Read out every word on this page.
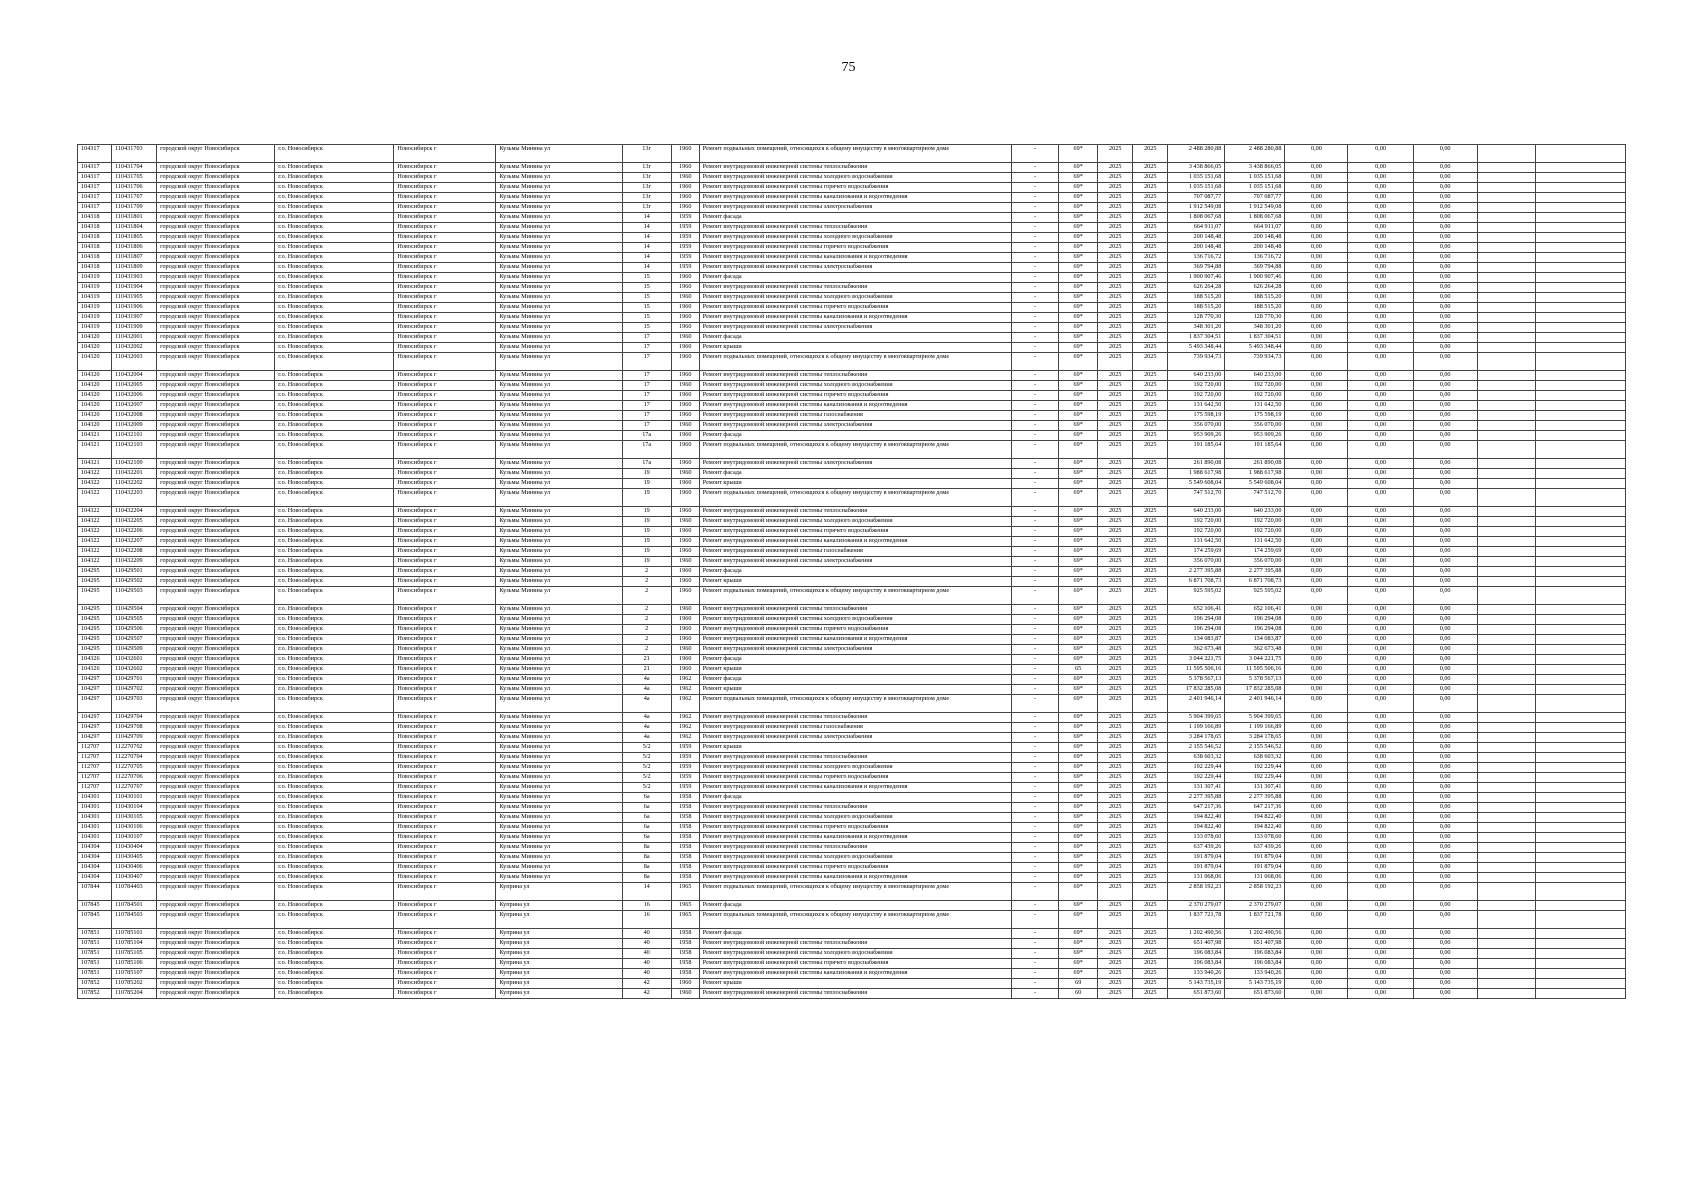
75
104317	110431703	городской округ Новосибирск	г.о. Новосибирск	Новосибирск г	Кузьмы Минина ул	13г	1960	Ремонт подвальных помещений, относящихся к общему имуществу в многоквартирном доме	-	69*	2025	2025	2 488 280,88	2 488 280,88	0,00	0,00	0,00		
104317	110431704	городской округ Новосибирск	г.о. Новосибирск	Новосибирск г	Кузьмы Минина ул	13г	1960	Ремонт внутридомовой инженерной системы теплоснабжения	-	69*	2025	2025	3 438 866,05	3 438 866,05	0,00	0,00	0,00		
104317	110431705	городской округ Новосибирск	г.о. Новосибирск	Новосибирск г	Кузьмы Минина ул	13г	1960	Ремонт внутридомовой инженерной системы холодного водоснабжения	-	69*	2025	2025	1 035 151,68	1 035 151,68	0,00	0,00	0,00		
104317	110431706	городской округ Новосибирск	г.о. Новосибирск	Новосибирск г	Кузьмы Минина ул	13г	1960	Ремонт внутридомовой инженерной системы горячего водоснабжения	-	69*	2025	2025	1 035 151,68	1 035 151,68	0,00	0,00	0,00		
104317	110431707	городской округ Новосибирск	г.о. Новосибирск	Новосибирск г	Кузьмы Минина ул	13г	1960	Ремонт внутридомовой инженерной системы канализования и водоотведения	-	69*	2025	2025	707 087,77	707 087,77	0,00	0,00	0,00		
104317	110431709	городской округ Новосибирск	г.о. Новосибирск	Новосибирск г	Кузьмы Минина ул	13г	1960	Ремонт внутридомовой инженерной системы электроснабжения	-	69*	2025	2025	1 912 549,08	1 912 549,08	0,00	0,00	0,00		
104318	110431801	городской округ Новосибирск	г.о. Новосибирск	Новосибирск г	Кузьмы Минина ул	14	1959	Ремонт фасада	-	69*	2025	2025	1 808 067,68	1 808 067,68	0,00	0,00	0,00		
104318	110431804	городской округ Новосибирск	г.о. Новосибирск	Новосибирск г	Кузьмы Минина ул	14	1959	Ремонт внутридомовой инженерной системы теплоснабжения	-	69*	2025	2025	664 911,07	664 911,07	0,00	0,00	0,00		
104318	110431805	городской округ Новосибирск	г.о. Новосибирск	Новосибирск г	Кузьмы Минина ул	14	1959	Ремонт внутридомовой инженерной системы холодного водоснабжения	-	69*	2025	2025	200 148,48	200 148,48	0,00	0,00	0,00		
104318	110431806	городской округ Новосибирск	г.о. Новосибирск	Новосибирск г	Кузьмы Минина ул	14	1959	Ремонт внутридомовой инженерной системы горячего водоснабжения	-	69*	2025	2025	200 148,48	200 148,48	0,00	0,00	0,00		
104318	110431807	городской округ Новосибирск	г.о. Новосибирск	Новосибирск г	Кузьмы Минина ул	14	1959	Ремонт внутридомовой инженерной системы канализования и водоотведения	-	69*	2025	2025	136 716,72	136 716,72	0,00	0,00	0,00		
104318	110431809	городской округ Новосибирск	г.о. Новосибирск	Новосибирск г	Кузьмы Минина ул	14	1959	Ремонт внутридомовой инженерной системы электроснабжения	-	69*	2025	2025	369 794,88	369 794,88	0,00	0,00	0,00		
104319	110431903	городской округ Новосибирск	г.о. Новосибирск	Новосибирск г	Кузьмы Минина ул	15	1960	Ремонт фасада	-	69*	2025	2025	1 900 907,46	1 900 907,46	0,00	0,00	0,00		
104319	110431904	городской округ Новосибирск	г.о. Новосибирск	Новосибирск г	Кузьмы Минина ул	15	1960	Ремонт внутридомовой инженерной системы теплоснабжения	-	69*	2025	2025	626 264,28	626 264,28	0,00	0,00	0,00		
104319	110431905	городской округ Новосибирск	г.о. Новосибирск	Новосибирск г	Кузьмы Минина ул	15	1960	Ремонт внутридомовой инженерной системы холодного водоснабжения	-	69*	2025	2025	188 515,20	188 515,20	0,00	0,00	0,00		
104319	110431906	городской округ Новосибирск	г.о. Новосибирск	Новосибирск г	Кузьмы Минина ул	15	1960	Ремонт внутридомовой инженерной системы горячего водоснабжения	-	69*	2025	2025	188 515,20	188 515,20	0,00	0,00	0,00		
104319	110431907	городской округ Новосибирск	г.о. Новосибирск	Новосибирск г	Кузьмы Минина ул	15	1960	Ремонт внутридомовой инженерной системы канализования и водоотведения	-	69*	2025	2025	128 770,30	128 770,30	0,00	0,00	0,00		
104319	110431909	городской округ Новосибирск	г.о. Новосибирск	Новосибирск г	Кузьмы Минина ул	15	1960	Ремонт внутридомовой инженерной системы электроснабжения	-	69*	2025	2025	348 301,20	348 301,20	0,00	0,00	0,00		
104320	110432001	городской округ Новосибирск	г.о. Новосибирск	Новосибирск г	Кузьмы Минина ул	17	1960	Ремонт фасада	-	69*	2025	2025	1 837 304,51	1 837 304,51	0,00	0,00	0,00		
104320	110432002	городской округ Новосибирск	г.о. Новосибирск	Новосибирск г	Кузьмы Минина ул	17	1960	Ремонт крыши	-	69*	2025	2025	5 493 348,44	5 493 348,44	0,00	0,00	0,00		
104320	110432003	городской округ Новосибирск	г.о. Новосибирск	Новосибирск г	Кузьмы Минина ул	17	1960	Ремонт подвальных помещений, относящихся к общему имуществу в многоквартирном доме	-	69*	2025	2025	739 934,73	739 934,73	0,00	0,00	0,00		
104320	110432004	городской округ Новосибирск	г.о. Новосибирск	Новосибирск г	Кузьмы Минина ул	17	1960	Ремонт внутридомовой инженерной системы теплоснабжения	-	69*	2025	2025	640 233,00	640 233,00	0,00	0,00	0,00		
104320	110432005	городской округ Новосибирск	г.о. Новосибирск	Новосибирск г	Кузьмы Минина ул	17	1960	Ремонт внутридомовой инженерной системы холодного водоснабжения	-	69*	2025	2025	192 720,00	192 720,00	0,00	0,00	0,00		
104320	110432006	городской округ Новосибирск	г.о. Новосибирск	Новосибирск г	Кузьмы Минина ул	17	1960	Ремонт внутридомовой инженерной системы горячего водоснабжения	-	69*	2025	2025	192 720,00	192 720,00	0,00	0,00	0,00		
104320	110432007	городской округ Новосибирск	г.о. Новосибирск	Новосибирск г	Кузьмы Минина ул	17	1960	Ремонт внутридомовой инженерной системы канализования и водоотведения	-	69*	2025	2025	131 642,50	131 642,50	0,00	0,00	0,00		
104320	110432008	городской округ Новосибирск	г.о. Новосибирск	Новосибирск г	Кузьмы Минина ул	17	1960	Ремонт внутридомовой инженерной системы газоснабжения	-	69*	2025	2025	175 598,19	175 598,19	0,00	0,00	0,00		
104320	110432009	городской округ Новосибирск	г.о. Новосибирск	Новосибирск г	Кузьмы Минина ул	17	1960	Ремонт внутридомовой инженерной системы электроснабжения	-	69*	2025	2025	356 070,00	356 070,00	0,00	0,00	0,00		
104321	110432101	городской округ Новосибирск	г.о. Новосибирск	Новосибирск г	Кузьмы Минина ул	17а	1960	Ремонт фасада	-	69*	2025	2025	953 909,26	953 909,26	0,00	0,00	0,00		
104321	110432103	городской округ Новосибирск	г.о. Новосибирск	Новосибирск г	Кузьмы Минина ул	17а	1960	Ремонт подвальных помещений, относящихся к общему имуществу в многоквартирном доме	-	69*	2025	2025	191 185,64	191 185,64	0,00	0,00	0,00		
104321	110432109	городской округ Новосибирск	г.о. Новосибирск	Новосибирск г	Кузьмы Минина ул	17а	1960	Ремонт внутридомовой инженерной системы электроснабжения	-	69*	2025	2025	261 890,08	261 890,08	0,00	0,00	0,00		
104322	110432201	городской округ Новосибирск	г.о. Новосибирск	Новосибирск г	Кузьмы Минина ул	19	1960	Ремонт фасада	-	69*	2025	2025	1 988 617,98	1 988 617,98	0,00	0,00	0,00		
104322	110432202	городской округ Новосибирск	г.о. Новосибирск	Новосибирск г	Кузьмы Минина ул	19	1960	Ремонт крыши	-	69*	2025	2025	5 549 608,04	5 549 608,04	0,00	0,00	0,00		
104322	110432203	городской округ Новосибирск	г.о. Новосибирск	Новосибирск г	Кузьмы Минина ул	19	1960	Ремонт подвальных помещений, относящихся к общему имуществу в многоквартирном доме	-	69*	2025	2025	747 512,70	747 512,70	0,00	0,00	0,00		
104322	110432204	городской округ Новосибирск	г.о. Новосибирск	Новосибирск г	Кузьмы Минина ул	19	1960	Ремонт внутридомовой инженерной системы теплоснабжения	-	69*	2025	2025	640 233,00	640 233,00	0,00	0,00	0,00		
104322	110432205	городской округ Новосибирск	г.о. Новосибирск	Новосибирск г	Кузьмы Минина ул	19	1960	Ремонт внутридомовой инженерной системы холодного водоснабжения	-	69*	2025	2025	192 720,00	192 720,00	0,00	0,00	0,00		
104322	110432206	городской округ Новосибирск	г.о. Новосибирск	Новосибирск г	Кузьмы Минина ул	19	1960	Ремонт внутридомовой инженерной системы горячего водоснабжения	-	69*	2025	2025	192 720,00	192 720,00	0,00	0,00	0,00		
104322	110432207	городской округ Новосибирск	г.о. Новосибирск	Новосибирск г	Кузьмы Минина ул	19	1960	Ремонт внутридомовой инженерной системы канализования и водоотведения	-	69*	2025	2025	131 642,50	131 642,50	0,00	0,00	0,00		
104322	110432208	городской округ Новосибирск	г.о. Новосибирск	Новосибирск г	Кузьмы Минина ул	19	1960	Ремонт внутридомовой инженерной системы газоснабжения	-	69*	2025	2025	174 259,69	174 259,69	0,00	0,00	0,00		
104322	110432209	городской округ Новосибирск	г.о. Новосибирск	Новосибирск г	Кузьмы Минина ул	19	1960	Ремонт внутридомовой инженерной системы электроснабжения	-	69*	2025	2025	356 070,00	356 070,00	0,00	0,00	0,00		
104295	110429501	городской округ Новосибирск	г.о. Новосибирск	Новосибирск г	Кузьмы Минина ул	2	1960	Ремонт фасада	-	69*	2025	2025	2 277 395,88	2 277 395,88	0,00	0,00	0,00		
104295	110429502	городской округ Новосибирск	г.о. Новосибирск	Новосибирск г	Кузьмы Минина ул	2	1960	Ремонт крыши	-	69*	2025	2025	6 871 708,73	6 871 708,73	0,00	0,00	0,00		
104295	110429503	городской округ Новосибирск	г.о. Новосибирск	Новосибирск г	Кузьмы Минина ул	2	1960	Ремонт подвальных помещений, относящихся к общему имуществу в многоквартирном доме	-	69*	2025	2025	925 595,02	925 595,02	0,00	0,00	0,00		
104295	110429504	городской округ Новосибирск	г.о. Новосибирск	Новосибирск г	Кузьмы Минина ул	2	1960	Ремонт внутридомовой инженерной системы теплоснабжения	-	69*	2025	2025	652 106,41	652 106,41	0,00	0,00	0,00		
104295	110429505	городской округ Новосибирск	г.о. Новосибирск	Новосибирск г	Кузьмы Минина ул	2	1960	Ремонт внутридомовой инженерной системы холодного водоснабжения	-	69*	2025	2025	196 294,08	196 294,08	0,00	0,00	0,00		
104295	110429506	городской округ Новосибирск	г.о. Новосибирск	Новосибирск г	Кузьмы Минина ул	2	1960	Ремонт внутридомовой инженерной системы горячего водоснабжения	-	69*	2025	2025	196 294,08	196 294,08	0,00	0,00	0,00		
104295	110429507	городской округ Новосибирск	г.о. Новосибирск	Новосибирск г	Кузьмы Минина ул	2	1960	Ремонт внутридомовой инженерной системы канализования и водоотведения	-	69*	2025	2025	134 083,87	134 083,87	0,00	0,00	0,00		
104295	110429509	городской округ Новосибирск	г.о. Новосибирск	Новосибирск г	Кузьмы Минина ул	2	1960	Ремонт внутридомовой инженерной системы электроснабжения	-	69*	2025	2025	362 673,48	362 673,48	0,00	0,00	0,00		
104326	110432601	городской округ Новосибирск	г.о. Новосибирск	Новосибирск г	Кузьмы Минина ул	21	1960	Ремонт фасада	-	69*	2025	2025	3 044 221,75	3 044 221,75	0,00	0,00	0,00		
104326	110432602	городской округ Новосибирск	г.о. Новосибирск	Новосибирск г	Кузьмы Минина ул	21	1960	Ремонт крыши	-	65	2025	2025	11 595 506,16	11 595 506,16	0,00	0,00	0,00		
104297	110429701	городской округ Новосибирск	г.о. Новосибирск	Новосибирск г	Кузьмы Минина ул	4а	1962	Ремонт фасада	-	69*	2025	2025	5 378 567,13	5 378 567,13	0,00	0,00	0,00		
104297	110429702	городской округ Новосибирск	г.о. Новосибирск	Новосибирск г	Кузьмы Минина ул	4а	1962	Ремонт крыши	-	69*	2025	2025	17 832 285,08	17 832 285,08	0,00	0,00	0,00		
104297	110429703	городской округ Новосибирск	г.о. Новосибирск	Новосибирск г	Кузьмы Минина ул	4а	1962	Ремонт подвальных помещений, относящихся к общему имуществу в многоквартирном доме	-	69*	2025	2025	2 401 946,14	2 401 946,14	0,00	0,00	0,00		
104297	110429704	городской округ Новосибирск	г.о. Новосибирск	Новосибирск г	Кузьмы Минина ул	4а	1962	Ремонт внутридомовой инженерной системы теплоснабжения	-	69*	2025	2025	5 904 399,65	5 904 399,65	0,00	0,00	0,00		
104297	110429708	городской округ Новосибирск	г.о. Новосибирск	Новосибирск г	Кузьмы Минина ул	4а	1962	Ремонт внутридомовой инженерной системы газоснабжения	-	69*	2025	2025	1 199 166,89	1 199 166,89	0,00	0,00	0,00		
104297	110429709	городской округ Новосибирск	г.о. Новосибирск	Новосибирск г	Кузьмы Минина ул	4а	1962	Ремонт внутридомовой инженерной системы электроснабжения	-	69*	2025	2025	3 284 178,65	3 284 178,65	0,00	0,00	0,00		
112707	112270702	городской округ Новосибирск	г.о. Новосибирск	Новосибирск г	Кузьмы Минина ул	5/2	1959	Ремонт крыши	-	69*	2025	2025	2 155 546,52	2 155 546,52	0,00	0,00	0,00		
112707	112270704	городской округ Новосибирск	г.о. Новосибирск	Новосибирск г	Кузьмы Минина ул	5/2	1959	Ремонт внутридомовой инженерной системы теплоснабжения	-	69*	2025	2025	638 603,32	638 603,32	0,00	0,00	0,00		
112707	112270705	городской округ Новосибирск	г.о. Новосибирск	Новосибирск г	Кузьмы Минина ул	5/2	1959	Ремонт внутридомовой инженерной системы холодного водоснабжения	-	69*	2025	2025	192 229,44	192 229,44	0,00	0,00	0,00		
112707	112270706	городской округ Новосибирск	г.о. Новосибирск	Новосибирск г	Кузьмы Минина ул	5/2	1959	Ремонт внутридомовой инженерной системы горячего водоснабжения	-	69*	2025	2025	192 229,44	192 229,44	0,00	0,00	0,00		
112707	112270707	городской округ Новосибирск	г.о. Новосибирск	Новосибирск г	Кузьмы Минина ул	5/2	1959	Ремонт внутридомовой инженерной системы канализования и водоотведения	-	69*	2025	2025	131 307,41	131 307,41	0,00	0,00	0,00		
104301	110430101	городской округ Новосибирск	г.о. Новосибирск	Новосибирск г	Кузьмы Минина ул	6а	1958	Ремонт фасада	-	69*	2025	2025	2 277 395,88	2 277 395,88	0,00	0,00	0,00		
104301	110430104	городской округ Новосибирск	г.о. Новосибирск	Новосибирск г	Кузьмы Минина ул	6а	1958	Ремонт внутридомовой инженерной системы теплоснабжения	-	69*	2025	2025	647 217,36	647 217,36	0,00	0,00	0,00		
104301	110430105	городской округ Новосибирск	г.о. Новосибирск	Новосибирск г	Кузьмы Минина ул	6а	1958	Ремонт внутридомовой инженерной системы холодного водоснабжения	-	69*	2025	2025	194 822,40	194 822,40	0,00	0,00	0,00		
104301	110430106	городской округ Новосибирск	г.о. Новосибирск	Новосибирск г	Кузьмы Минина ул	6а	1958	Ремонт внутридомовой инженерной системы горячего водоснабжения	-	69*	2025	2025	194 822,40	194 822,40	0,00	0,00	0,00		
104301	110430107	городской округ Новосибирск	г.о. Новосибирск	Новосибирск г	Кузьмы Минина ул	6а	1958	Ремонт внутридомовой инженерной системы канализования и водоотведения	-	69*	2025	2025	133 078,60	133 078,60	0,00	0,00	0,00		
104304	110430404	городской округ Новосибирск	г.о. Новосибирск	Новосибирск г	Кузьмы Минина ул	8а	1958	Ремонт внутридомовой инженерной системы теплоснабжения	-	69*	2025	2025	637 439,26	637 439,26	0,00	0,00	0,00		
104304	110430405	городской округ Новосибирск	г.о. Новосибирск	Новосибирск г	Кузьмы Минина ул	8а	1958	Ремонт внутридомовой инженерной системы холодного водоснабжения	-	69*	2025	2025	191 879,04	191 879,04	0,00	0,00	0,00		
104304	110430406	городской округ Новосибирск	г.о. Новосибирск	Новосибирск г	Кузьмы Минина ул	8а	1958	Ремонт внутридомовой инженерной системы горячего водоснабжения	-	69*	2025	2025	191 879,04	191 879,04	0,00	0,00	0,00		
104304	110430407	городской округ Новосибирск	г.о. Новосибирск	Новосибирск г	Кузьмы Минина ул	8а	1958	Ремонт внутридомовой инженерной системы канализования и водоотведения	-	69*	2025	2025	131 068,06	131 068,06	0,00	0,00	0,00		
107844	110784403	городской округ Новосибирск	г.о. Новосибирск	Новосибирск г	Куприна ул	14	1965	Ремонт подвальных помещений, относящихся к общему имуществу в многоквартирном доме	-	69*	2025	2025	2 858 192,23	2 858 192,23	0,00	0,00	0,00		
107845	110784501	городской округ Новосибирск	г.о. Новосибирск	Новосибирск г	Куприна ул	16	1965	Ремонт фасада	-	69*	2025	2025	2 370 279,07	2 370 279,07	0,00	0,00	0,00		
107845	110784503	городской округ Новосибирск	г.о. Новосибирск	Новосибирск г	Куприна ул	16	1965	Ремонт подвальных помещений, относящихся к общему имуществу в многоквартирном доме	-	69*	2025	2025	1 837 721,78	1 837 721,78	0,00	0,00	0,00		
107851	110785101	городской округ Новосибирск	г.о. Новосибирск	Новосибирск г	Куприна ул	40	1958	Ремонт фасада	-	69*	2025	2025	1 202 490,56	1 202 490,56	0,00	0,00	0,00		
107851	110785104	городской округ Новосибирск	г.о. Новосибирск	Новосибирск г	Куприна ул	40	1958	Ремонт внутридомовой инженерной системы теплоснабжения	-	69*	2025	2025	651 407,98	651 407,98	0,00	0,00	0,00		
107851	110785105	городской округ Новосибирск	г.о. Новосибирск	Новосибирск г	Куприна ул	40	1958	Ремонт внутридомовой инженерной системы холодного водоснабжения	-	69*	2025	2025	196 083,84	196 083,84	0,00	0,00	0,00		
107851	110785106	городской округ Новосибирск	г.о. Новосибирск	Новосибирск г	Куприна ул	40	1958	Ремонт внутридомовой инженерной системы горячего водоснабжения	-	69*	2025	2025	196 083,84	196 083,84	0,00	0,00	0,00		
107851	110785107	городской округ Новосибирск	г.о. Новосибирск	Новосибирск г	Куприна ул	40	1958	Ремонт внутридомовой инженерной системы канализования и водоотведения	-	69*	2025	2025	133 940,26	133 940,26	0,00	0,00	0,00		
107852	110785202	городской округ Новосибирск	г.о. Новосибирск	Новосибирск г	Куприна ул	42	1960	Ремонт крыши	-	69	2025	2025	5 143 735,19	5 143 735,19	0,00	0,00	0,00		
107852	110785204	городской округ Новосибирск	г.о. Новосибирск	Новосибирск г	Куприна ул	42	1960	Ремонт внутридомовой инженерной системы теплоснабжения	-	60	2025	2025	651 873,60	651 873,60	0,00	0,00	0,00		
